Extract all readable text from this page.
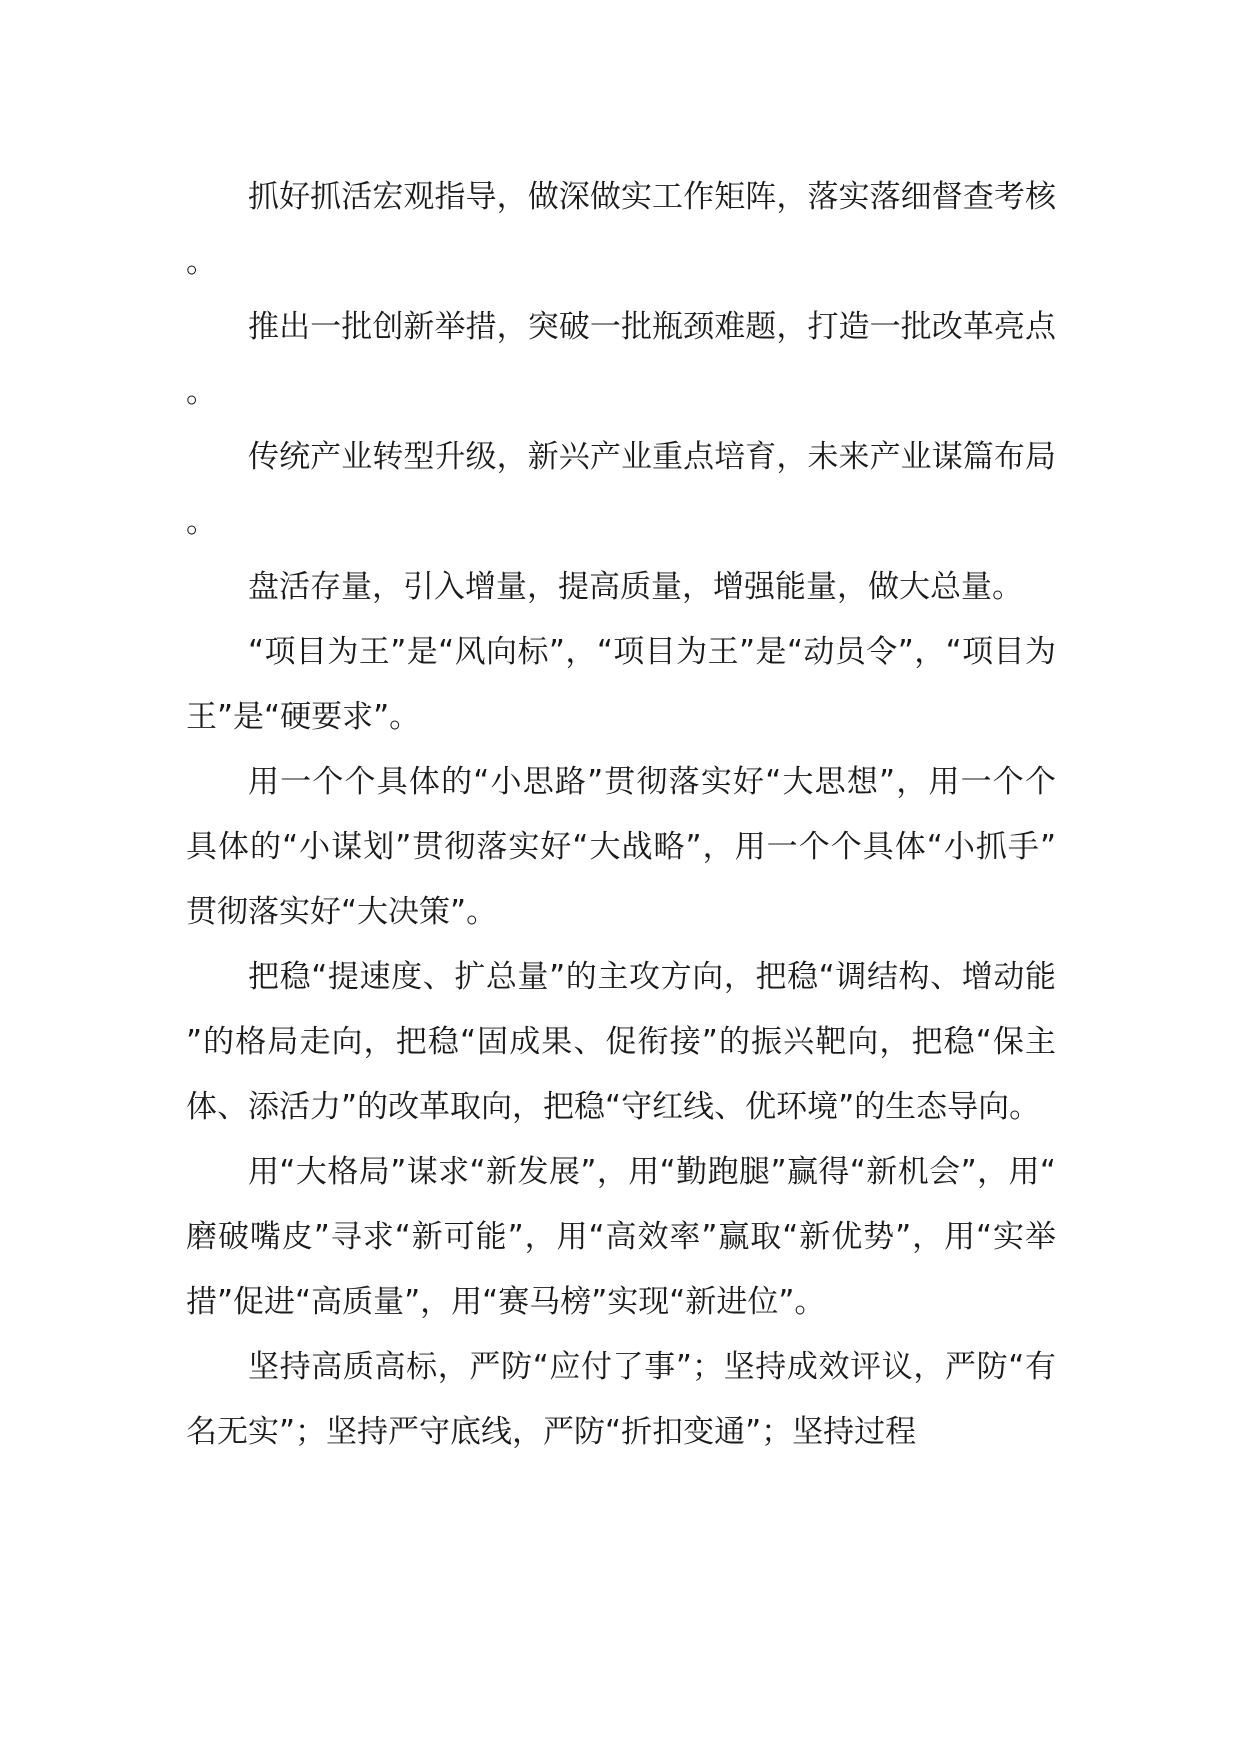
抓好抓活宏观指导，做深做实工作矩阵，落实落细督查考核。

推出一批创新举措，突破一批瓶颈难题，打造一批改革亮点。

传统产业转型升级，新兴产业重点培育，未来产业谋篇布局。

盘活存量，引入增量，提高质量，增强能量，做大总量。

“项目为王”是“风向标”，“项目为王”是“动员令”，“项目为王”是“硬要求”。

用一个个具体的“小思路”贯彻落实好“大思想”，用一个个具体的“小谋划”贯彻落实好“大战略”，用一个个具体“小抓手”贯彻落实好“大决策”。

把稳“提速度、扩总量”的主攻方向，把稳“调结构、增动能”的格局走向，把稳“固成果、促衔接”的振兴靶向，把稳“保主体、添活力”的改革取向，把稳“守红线、优环境”的生态导向。

用“大格局”谋求“新发展”，用“勤跑腿”赢得“新机会”，用“磨破嘴皮”寻求“新可能”，用“高效率”赢取“新优势”，用“实举措”促进“高质量”，用“赛马榜”实现“新进位”。

坚持高质高标，严防“应付了事”；坚持成效评议，严防“有名无实”；坚持严守底线，严防“折扣变通”；坚持过程
